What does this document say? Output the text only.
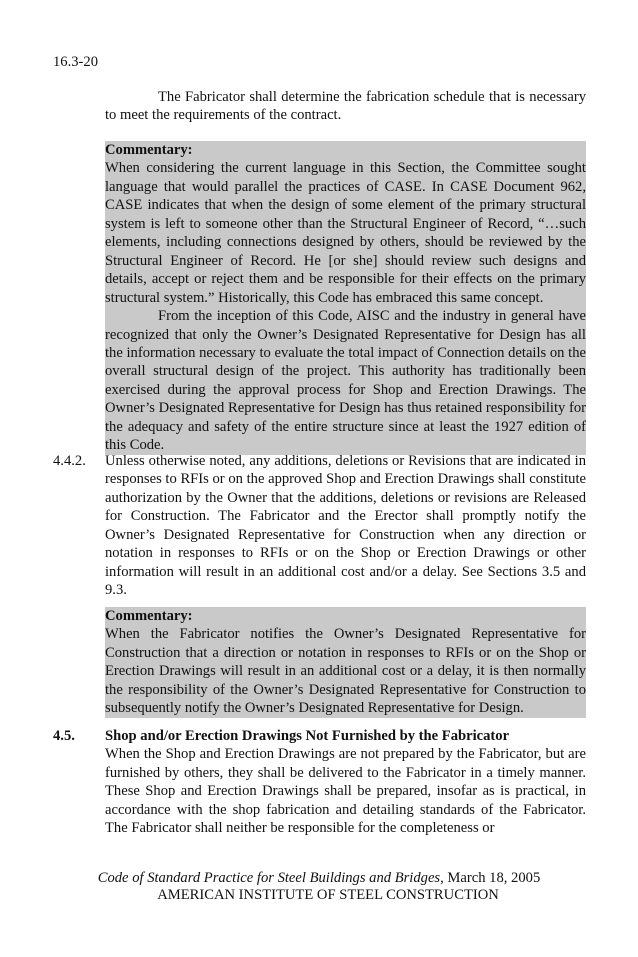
16.3-20

The Fabricator shall determine the fabrication schedule that is necessary to meet the requirements of the contract.

Commentary:

When considering the current language in this Section, the Committee sought language that would parallel the practices of CASE. In CASE Document 962, CASE indicates that when the design of some element of the primary structural system is left to someone other than the Structural Engineer of Record, “…such elements, including connections designed by others, should be reviewed by the Structural Engineer of Record. He [or she] should review such designs and details, accept or reject them and be responsible for their effects on the primary structural system.” Historically, this Code has embraced this same concept.

From the inception of this Code, AISC and the industry in general have recognized that only the Owner’s Designated Representative for Design has all the information necessary to evaluate the total impact of Connection details on the overall structural design of the project. This authority has traditionally been exercised during the approval process for Shop and Erection Drawings. The Owner’s Designated Representative for Design has thus retained responsibility for the adequacy and safety of the entire structure since at least the 1927 edition of this Code.

4.4.2. Unless otherwise noted, any additions, deletions or Revisions that are indicated in responses to RFIs or on the approved Shop and Erection Drawings shall constitute authorization by the Owner that the additions, deletions or revisions are Released for Construction. The Fabricator and the Erector shall promptly notify the Owner’s Designated Representative for Construction when any direction or notation in responses to RFIs or on the Shop or Erection Drawings or other information will result in an additional cost and/or a delay. See Sections 3.5 and 9.3.

Commentary:

When the Fabricator notifies the Owner’s Designated Representative for Construction that a direction or notation in responses to RFIs or on the Shop or Erection Drawings will result in an additional cost or a delay, it is then normally the responsibility of the Owner’s Designated Representative for Construction to subsequently notify the Owner’s Designated Representative for Design.

4.5. Shop and/or Erection Drawings Not Furnished by the Fabricator

When the Shop and Erection Drawings are not prepared by the Fabricator, but are furnished by others, they shall be delivered to the Fabricator in a timely manner. These Shop and Erection Drawings shall be prepared, insofar as is practical, in accordance with the shop fabrication and detailing standards of the Fabricator. The Fabricator shall neither be responsible for the completeness or

Code of Standard Practice for Steel Buildings and Bridges, March 18, 2005
AMERICAN INSTITUTE OF STEEL CONSTRUCTION
